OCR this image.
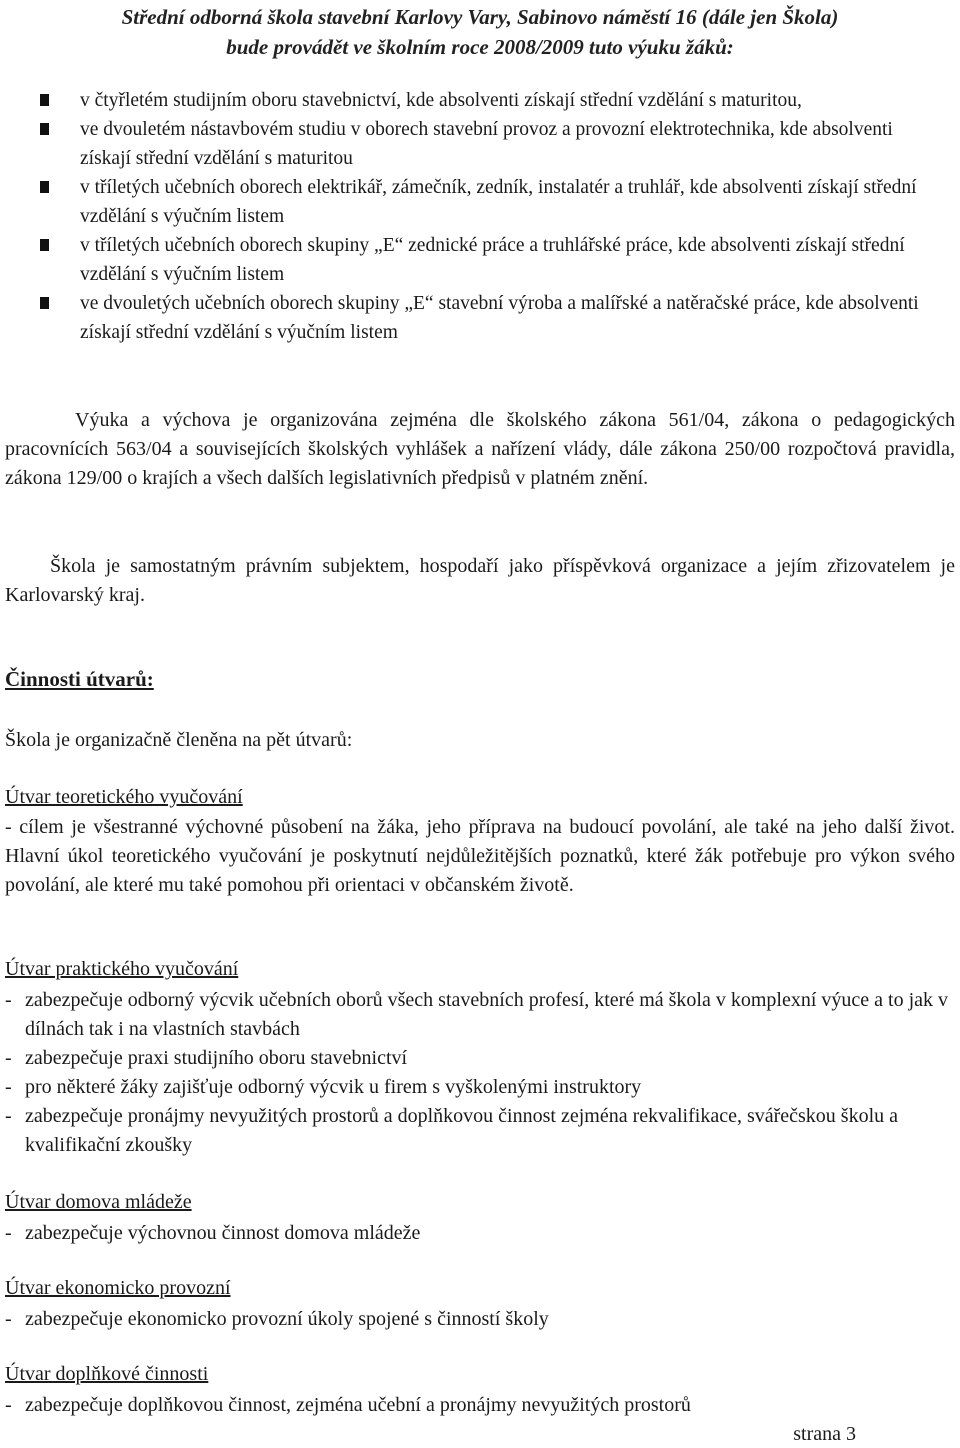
Střední odborná škola stavební Karlovy Vary, Sabinovo náměstí 16 (dále jen Škola)
bude provádět ve školním roce 2008/2009 tuto výuku žáků:
v čtyřletém studijním oboru stavebnictví, kde absolventi získají střední vzdělání s maturitou,
ve dvouletém nástavbovém studiu v oborech stavební provoz a provozní elektrotechnika, kde absolventi získají střední vzdělání s maturitou
v tříletých učebních oborech elektrikář, zámečník, zedník, instalatér a truhlář, kde absolventi získají střední vzdělání s výučním listem
v tříletých učebních oborech skupiny „E“ zednické práce a truhlářské práce, kde absolventi získají střední vzdělání s výučním listem
ve dvouletých učebních oborech skupiny „E“ stavební výroba a malířské a natěračské práce, kde absolventi získají střední vzdělání s výučním listem
Výuka a výchova je organizována zejména dle školského zákona 561/04, zákona o pedagogických pracovnících 563/04 a souvisejících školských vyhlášek a nařízení vlády, dále zákona 250/00 rozpočtová pravidla, zákona 129/00 o krajích a všech dalších legislativních předpisů v platném znění.
Škola je samostatným právním subjektem, hospodaří jako příspěvková organizace a jejím zřizovatelem je Karlovarský kraj.
Činnosti útvarů:
Škola je organizačně členěna na pět útvarů:
Útvar teoretického vyučování
- cílem je všestranné výchovné působení na žáka, jeho příprava na budoucí povolání, ale také na jeho další život. Hlavní úkol teoretického vyučování je poskytnutí nejdůležitějších poznatků, které žák potřebuje pro výkon svého povolání, ale které mu také pomohou při orientaci v občanském životě.
Útvar praktického vyučování
- zabezpečuje odborný výcvik učebních oborů všech stavebních profesí, které má škola v komplexní výuce a to jak v dílnách tak i na vlastních stavbách
- zabezpečuje praxi studijního oboru stavebnictví
- pro některé žáky zajišťuje odborný výcvik u firem s vyškolenými instruktory
- zabezpečuje pronájmy nevyužitých prostorů a doplňkovou činnost zejména rekvalifikace, svářečskou školu a kvalifikační zkoušky
Útvar domova mládeže
- zabezpečuje výchovnou činnost domova mládeže
Útvar ekonomicko provozní
- zabezpečuje ekonomicko provozní úkoly spojené s činností školy
Útvar doplňkové činnosti
- zabezpečuje doplňkovou činnost, zejména učební a pronájmy nevyužitých prostorů
strana 3
